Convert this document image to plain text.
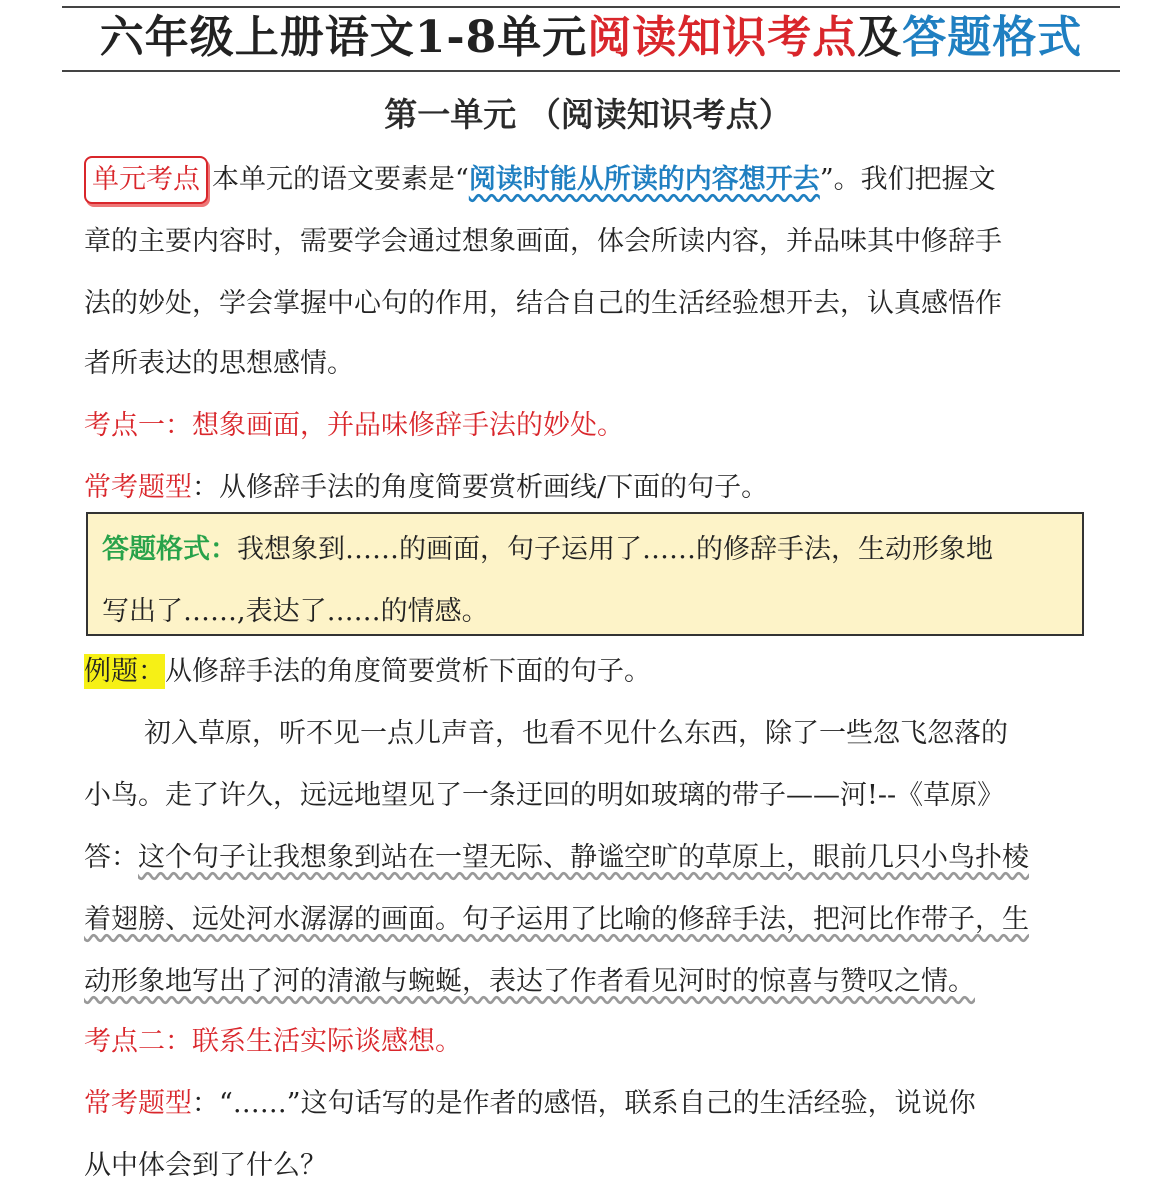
六年级上册语文1-8单元阅读知识考点及答题格式
第一单元 （阅读知识考点）
单元考点 本单元的语文要素是“阅读时能从所读的内容想开去”。我们把握文
章的主要内容时，需要学会通过想象画面，体会所读内容，并品味其中修辞手
法的妙处，学会掌握中心句的作用，结合自己的生活经验想开去，认真感悟作
者所表达的思想感情。
考点一：想象画面，并品味修辞手法的妙处。
常考题型：从修辞手法的角度简要赏析画线/下面的句子。
答题格式：我想象到……的画面，句子运用了……的修辞手法，生动形象地
写出了……,表达了……的情感。
例题：从修辞手法的角度简要赏析下面的句子。
初入草原，听不见一点儿声音，也看不见什么东西，除了一些忽飞忽落的
小鸟。走了许久，远远地望见了一条迂回的明如玻璃的带子——河!--《草原》
答：这个句子让我想象到站在一望无际、静谧空旷的草原上，眼前几只小鸟扑棱
着翅膀、远处河水潺潺的画面。句子运用了比喻的修辞手法，把河比作带子，生
动形象地写出了河的清澈与蜿蜒，表达了作者看见河时的惊喜与赞叹之情。
考点二：联系生活实际谈感想。
常考题型：“……”这句话写的是作者的感悟，联系自己的生活经验，说说你
从中体会到了什么？
